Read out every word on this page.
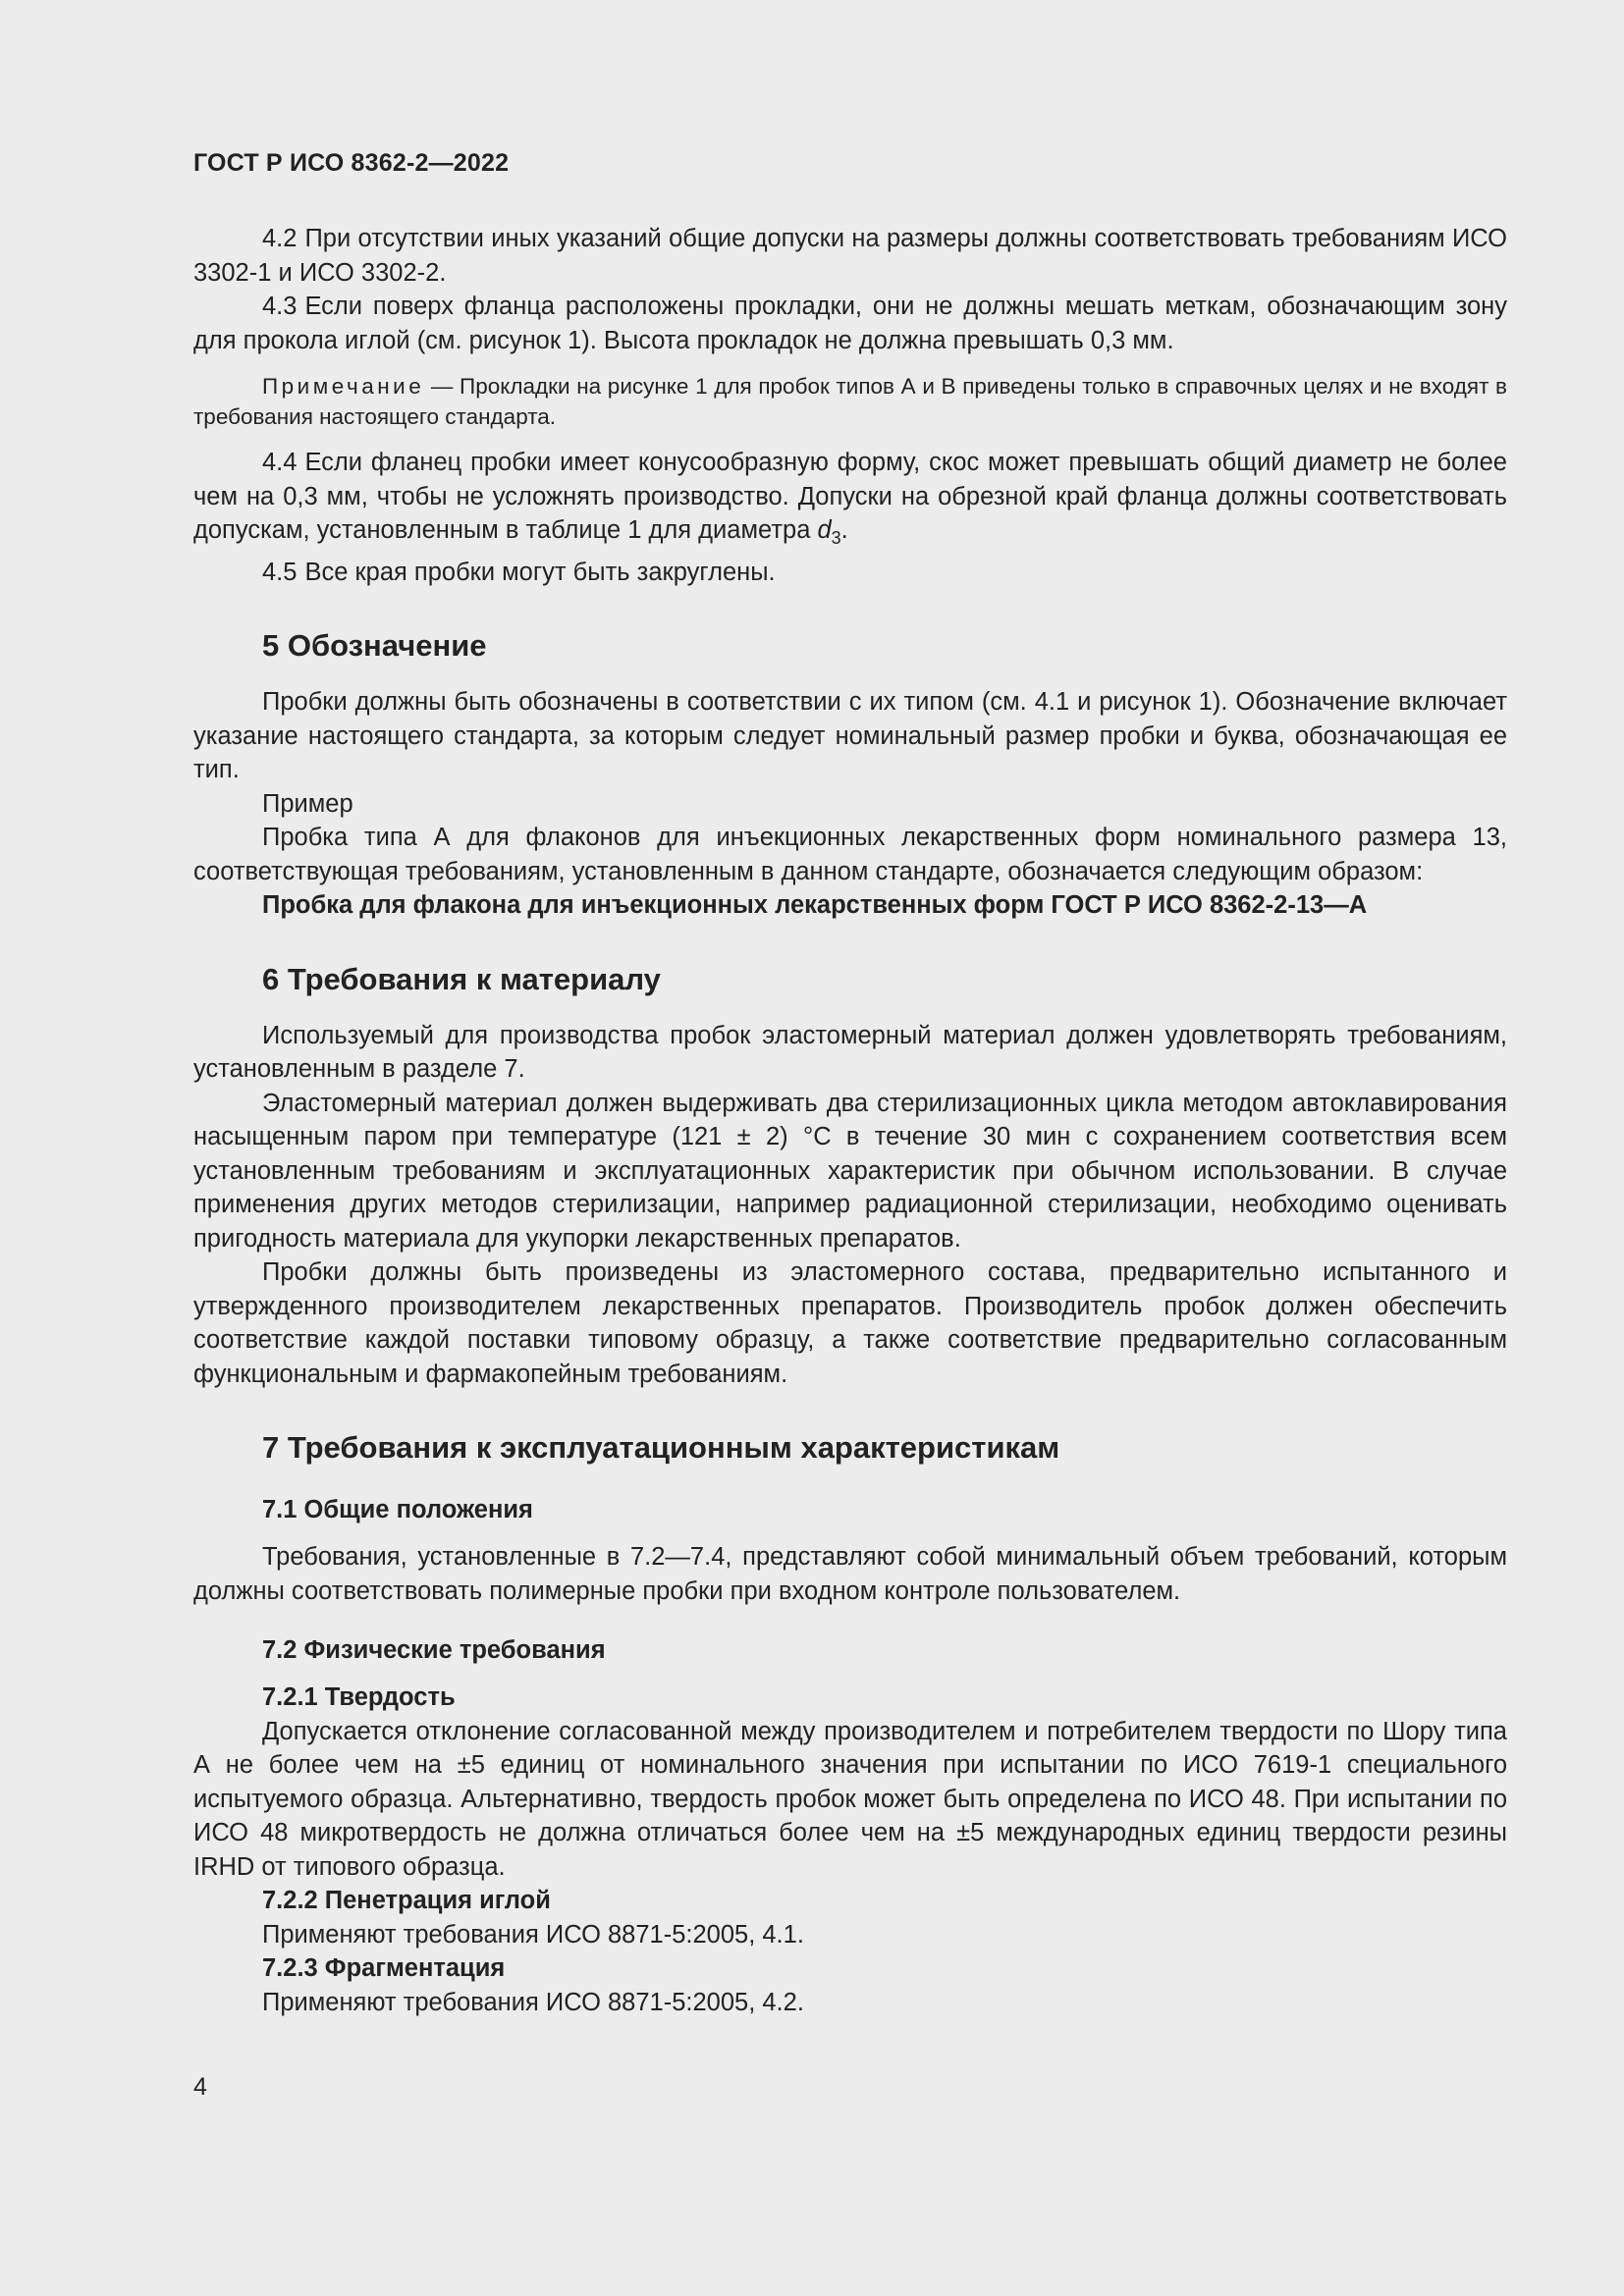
ГОСТ Р ИСО 8362-2—2022

4.2 При отсутствии иных указаний общие допуски на размеры должны соответствовать требованиям ИСО 3302-1 и ИСО 3302-2.

4.3 Если поверх фланца расположены прокладки, они не должны мешать меткам, обозначающим зону для прокола иглой (см. рисунок 1). Высота прокладок не должна превышать 0,3 мм.

Примечание — Прокладки на рисунке 1 для пробок типов А и В приведены только в справочных целях и не входят в требования настоящего стандарта.

4.4 Если фланец пробки имеет конусообразную форму, скос может превышать общий диаметр не более чем на 0,3 мм, чтобы не усложнять производство. Допуски на обрезной край фланца должны соответствовать допускам, установленным в таблице 1 для диаметра $d_3$.

4.5 Все края пробки могут быть закруглены.

5 Обозначение

Пробки должны быть обозначены в соответствии с их типом (см. 4.1 и рисунок 1). Обозначение включает указание настоящего стандарта, за которым следует номинальный размер пробки и буква, обозначающая ее тип.

Пример

Пробка типа А для флаконов для инъекционных лекарственных форм номинального размера 13, соответствующая требованиям, установленным в данном стандарте, обозначается следующим образом:

Пробка для флакона для инъекционных лекарственных форм ГОСТ Р ИСО 8362-2-13—А

6 Требования к материалу

Используемый для производства пробок эластомерный материал должен удовлетворять требованиям, установленным в разделе 7.

Эластомерный материал должен выдерживать два стерилизационных цикла методом автоклавирования насыщенным паром при температуре (121 ± 2) °С в течение 30 мин с сохранением соответствия всем установленным требованиям и эксплуатационных характеристик при обычном использовании. В случае применения других методов стерилизации, например радиационной стерилизации, необходимо оценивать пригодность материала для укупорки лекарственных препаратов.

Пробки должны быть произведены из эластомерного состава, предварительно испытанного и утвержденного производителем лекарственных препаратов. Производитель пробок должен обеспечить соответствие каждой поставки типовому образцу, а также соответствие предварительно согласованным функциональным и фармакопейным требованиям.

7 Требования к эксплуатационным характеристикам
7.1 Общие положения

Требования, установленные в 7.2—7.4, представляют собой минимальный объем требований, которым должны соответствовать полимерные пробки при входном контроле пользователем.

7.2 Физические требования
7.2.1 Твердость

Допускается отклонение согласованной между производителем и потребителем твердости по Шору типа А не более чем на ±5 единиц от номинального значения при испытании по ИСО 7619-1 специального испытуемого образца. Альтернативно, твердость пробок может быть определена по ИСО 48. При испытании по ИСО 48 микротвердость не должна отличаться более чем на ±5 международных единиц твердости резины IRHD от типового образца.

7.2.2 Пенетрация иглой

Применяют требования ИСО 8871-5:2005, 4.1.

7.2.3 Фрагментация

Применяют требования ИСО 8871-5:2005, 4.2.

4
